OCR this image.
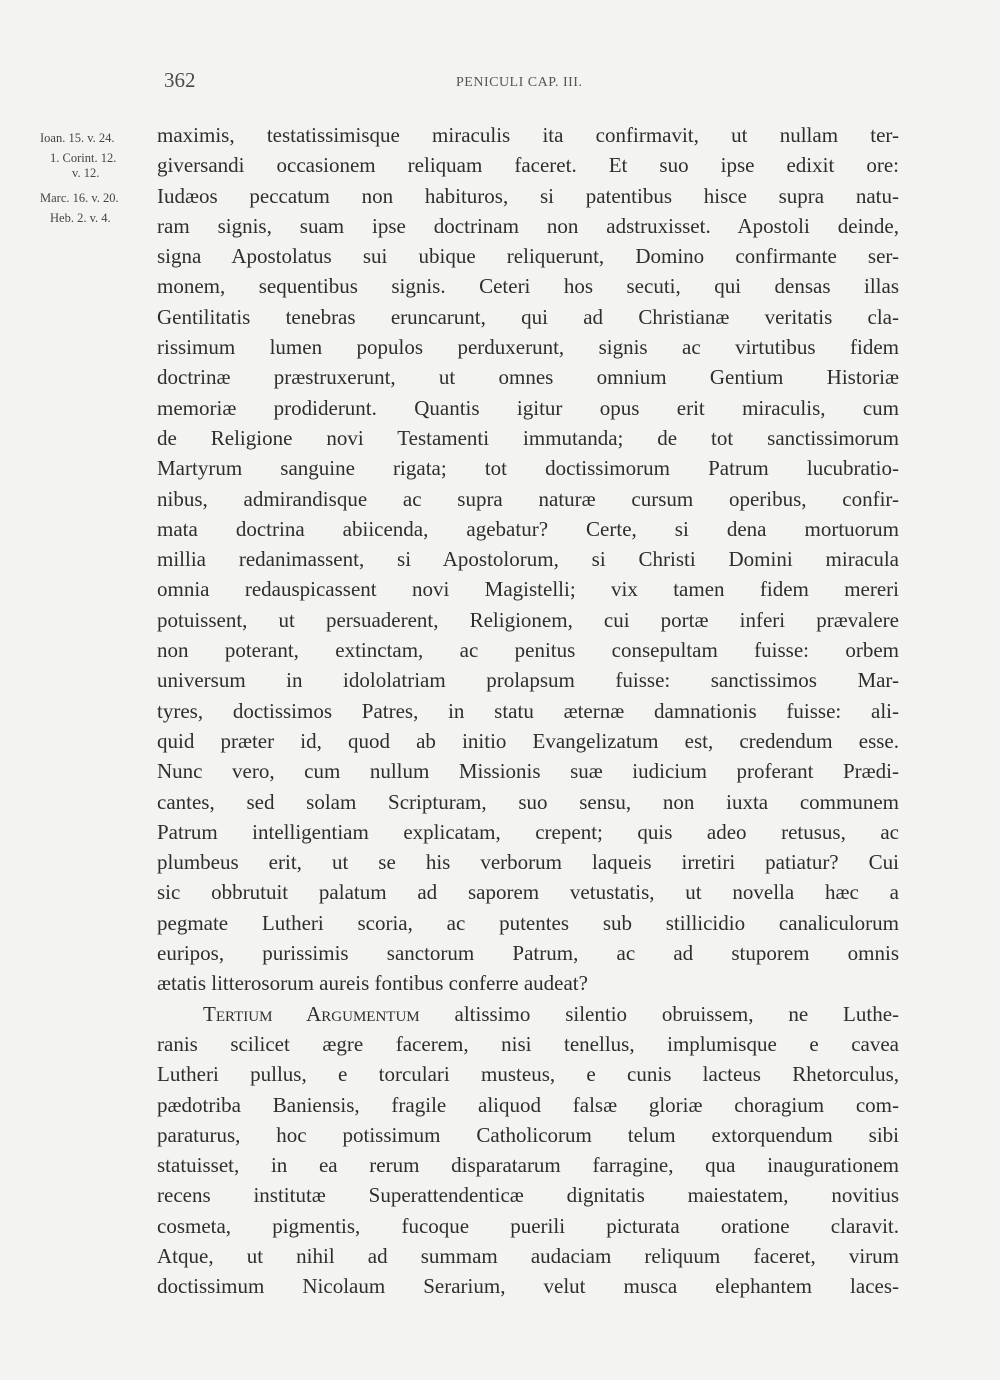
362	PENICULI CAP. III.
Ioan. 15. v. 24.
1. Corint. 12.
v. 12.
Marc. 16. v. 20.
Heb. 2. v. 4.
maximis, testatissimisque miraculis ita confirmavit, ut nullam ter-
giversandi occasionem reliquam faceret. Et suo ipse edixit ore:
Iudæos peccatum non habituros, si patentibus hisce supra natu-
ram signis, suam ipse doctrinam non adstruxisset. Apostoli deinde,
signa Apostolatus sui ubique reliquerunt, Domino confirmante ser-
monem, sequentibus signis. Ceteri hos secuti, qui densas illas
Gentilitatis tenebras eruncarunt, qui ad Christianæ veritatis cla-
rissimum lumen populos perduxerunt, signis ac virtutibus fidem
doctrinæ præstruxerunt, ut omnes omnium Gentium Historiæ
memoriæ prodiderunt. Quantis igitur opus erit miraculis, cum
de Religione novi Testamenti immutanda; de tot sanctissimorum
Martyrum sanguine rigata; tot doctissimorum Patrum lucubratio-
nibus, admirandisque ac supra naturæ cursum operibus, confir-
mata doctrina abiicenda, agebatur? Certe, si dena mortuorum
millia redanimassent, si Apostolorum, si Christi Domini miracula
omnia redauspicassent novi Magistelli; vix tamen fidem mereri
potuissent, ut persuaderent, Religionem, cui portæ inferi prævalere
non poterant, extinctam, ac penitus consepultam fuisse: orbem
universum in idololatriam prolapsum fuisse: sanctissimos Mar-
tyres, doctissimos Patres, in statu æternæ damnationis fuisse: ali-
quid præter id, quod ab initio Evangelizatum est, credendum esse.
Nunc vero, cum nullum Missionis suæ iudicium proferant Prædi-
cantes, sed solam Scripturam, suo sensu, non iuxta communem
Patrum intelligentiam explicatam, crepent; quis adeo retusus, ac
plumbeus erit, ut se his verborum laqueis irretiri patiatur? Cui
sic obbrutuit palatum ad saporem vetustatis, ut novella hæc a
pegmate Lutheri scoria, ac putentes sub stillicidio canaliculorum
euripos, purissimis sanctorum Patrum, ac ad stuporem omnis
ætatis litterosorum aureis fontibus conferre audeat?
Tertium Argumentum altissimo silentio obruissem, ne Luthe-
ranis scilicet ægre facerem, nisi tenellus, implumisque e cavea
Lutheri pullus, e torculari musteus, e cunis lacteus Rhetorculus,
pædotriba Baniensis, fragile aliquod falsæ gloriæ choragium com-
paraturus, hoc potissimum Catholicorum telum extorquendum sibi
statuisset, in ea rerum disparatarum farragine, qua inaugurationem
recens institutæ Superattendenticæ dignitatis maiestatem, novitius
cosmeta, pigmentis, fucoque puerili picturata oratione claravit.
Atque, ut nihil ad summam audaciam reliquum faceret, virum
doctissimum Nicolaum Serarium, velut musca elephantem laces-
